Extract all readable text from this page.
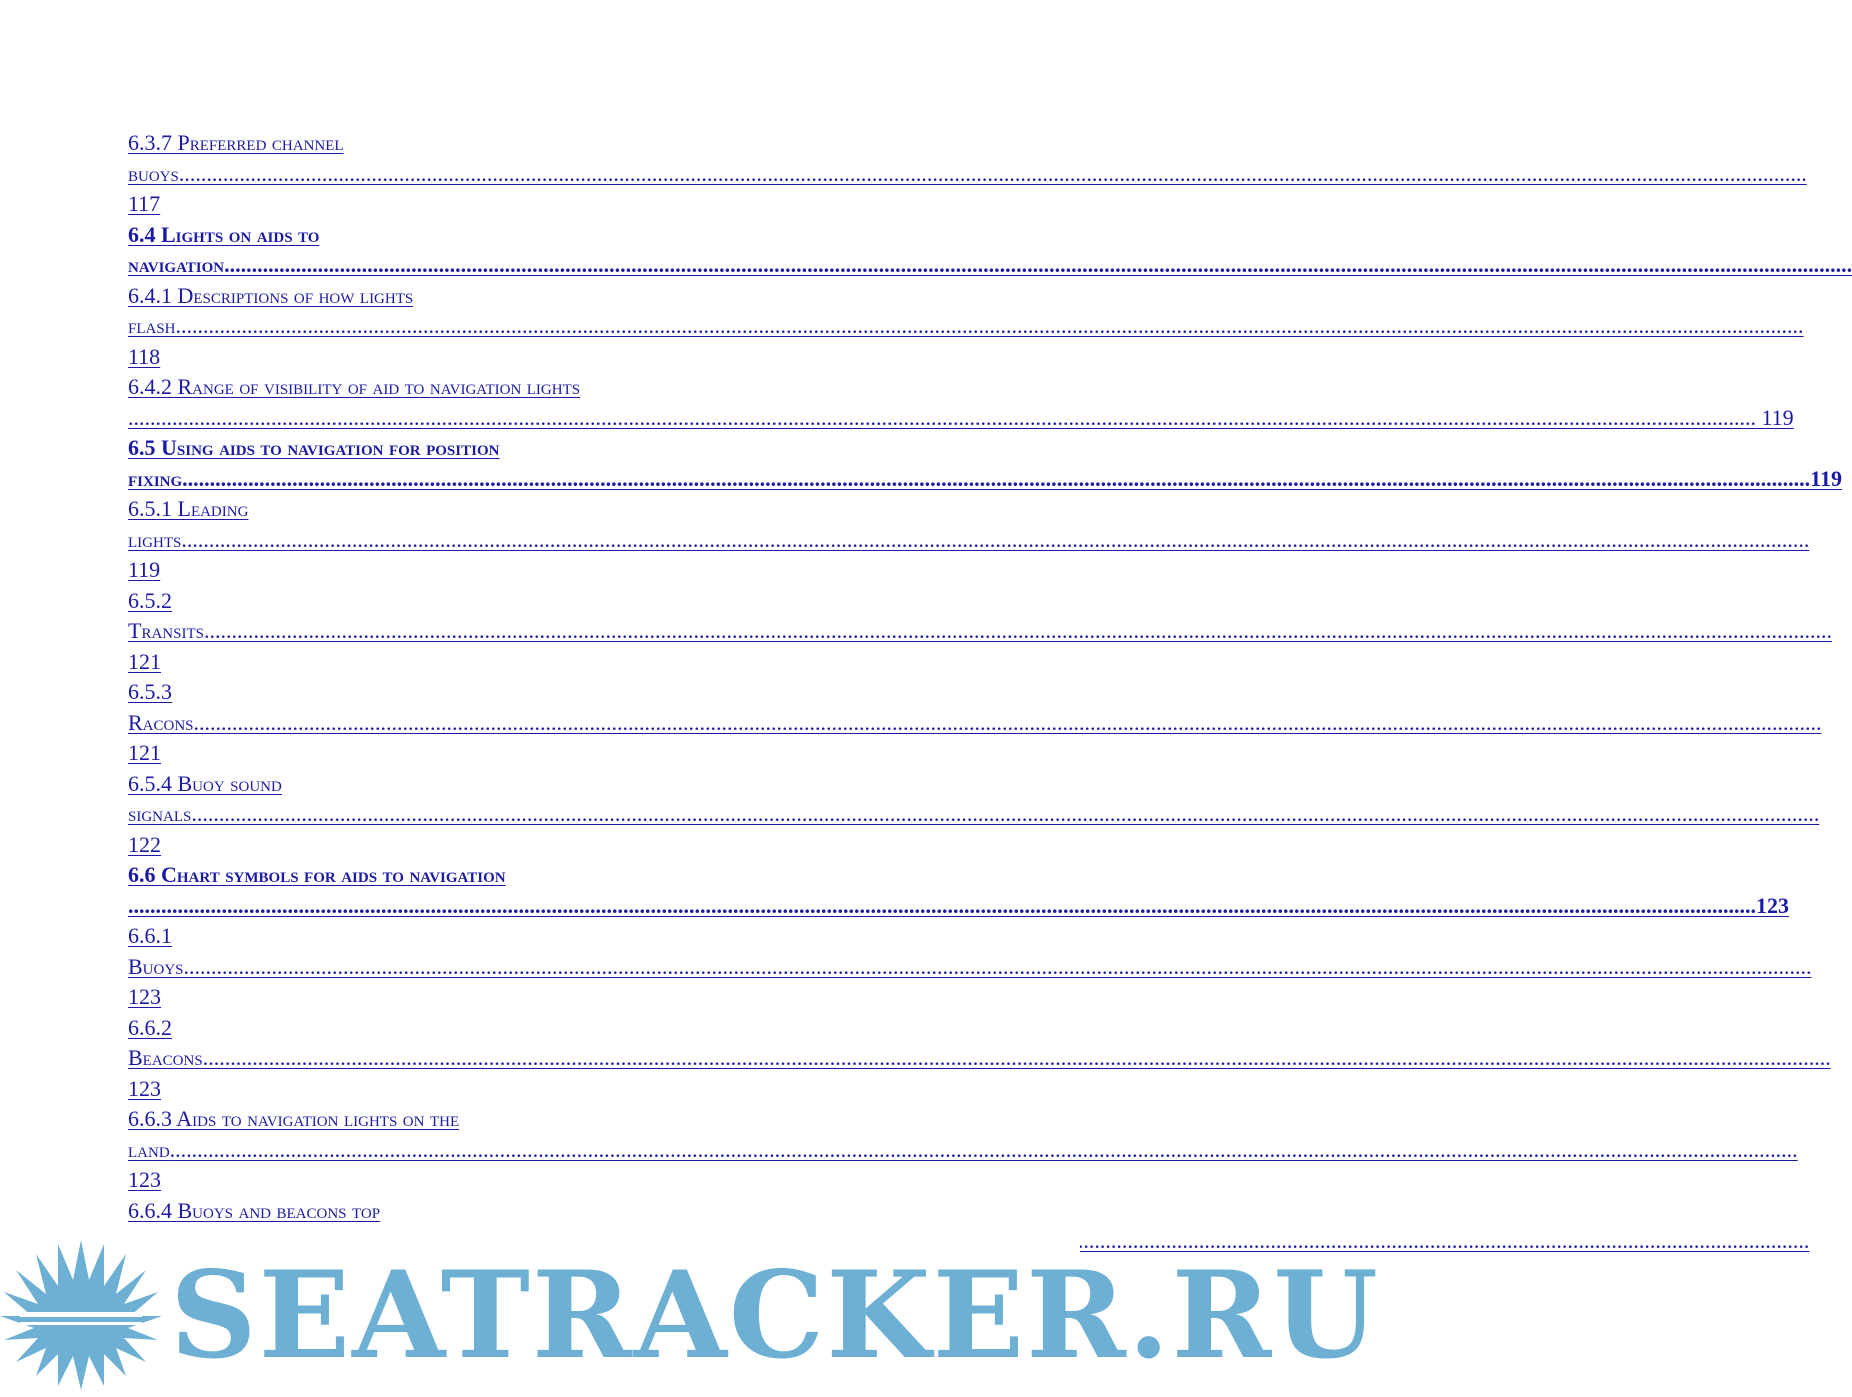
6.3.7 Preferred channel
buoys
.....
117
6.4 Lights on aids to
navigation
.....
6.4.1 Descriptions of how lights
flash
.....
118
6.4.2 Range of visibility of aid to navigation lights
.....
119
6.5 Using aids to navigation for position
fixing
.....	119
6.5.1 Leading
lights
.....
119
6.5.2
Transits
.....
121
6.5.3
Racons
.....
121
6.5.4 Buoy sound
signals
.....
122
6.6 Chart symbols for aids to navigation
.....
123
6.6.1
Buoys
.....
123
6.6.2
Beacons
.....
123
6.6.3 Aids to navigation lights on the
land
.....
123
6.6.4 Buoys and beacons top
.....
SEATRACKER.RU
